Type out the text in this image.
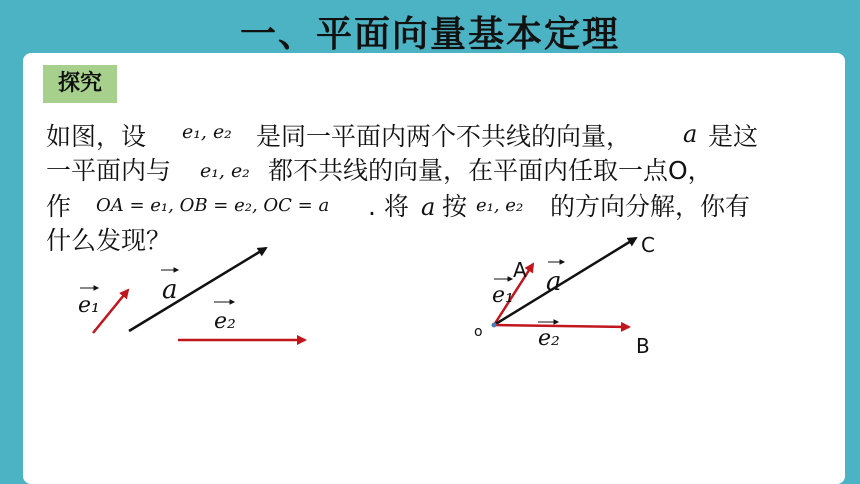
一、平面向量基本定理
探究
如图，设 e₁, e₂ 是同一平面内两个不共线的向量， a 是这
一平面内与 e₁, e₂ 都不共线的向量，在平面内任取一点O，
作 OA = e₁, OB = e₂, OC = a . 将 a 按 e₁, e₂ 的方向分解，你有
什么发现？
e₁
a
e₂
e₁ a
e₂
A
B
C
o
